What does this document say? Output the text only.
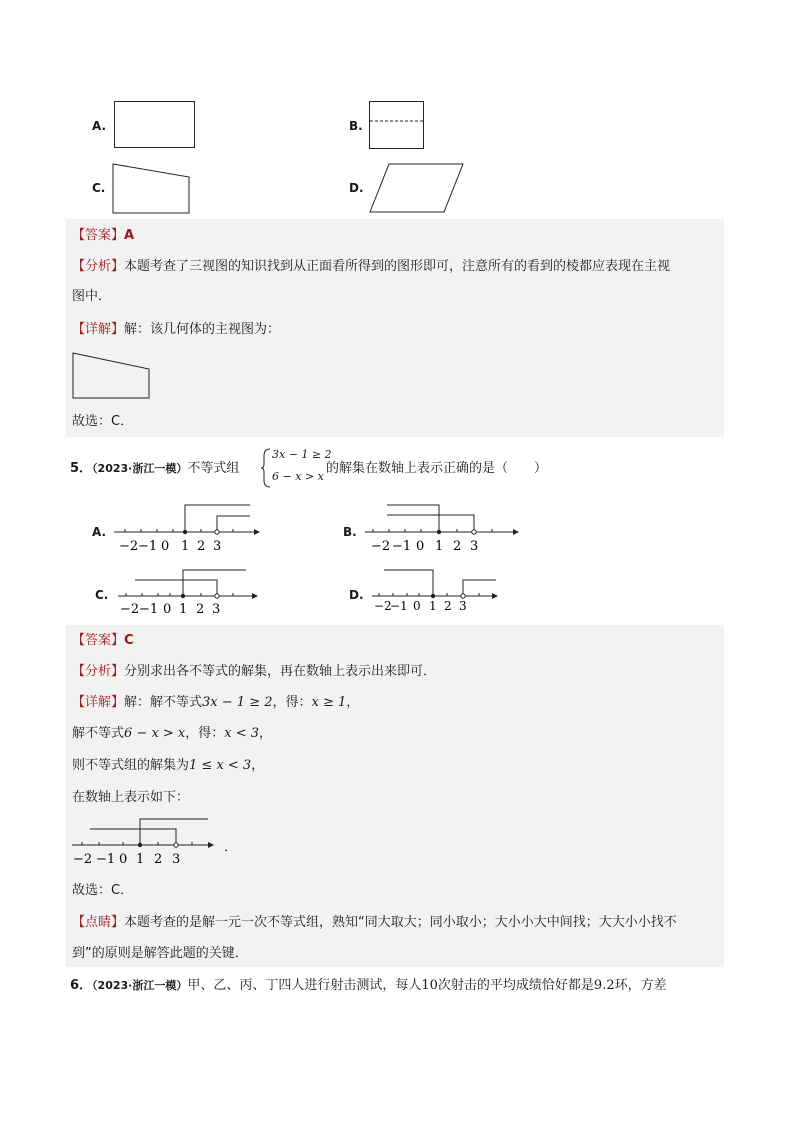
A.	B.
C.	D.
【答案】A
【分析】本题考查了三视图的知识找到从正面看所得到的图形即可，注意所有的看到的棱都应表现在主视
图中．
【详解】解：该几何体的主视图为：
故选：C．
5．（2023·浙江一模）不等式组
3x − 1 ≥ 2
6 − x > x
的解集在数轴上表示正确的是（　　）
A.
−2 −1 0 1 2 3
B.
−2 −1 0 1 2 3
C.
−2 −1 0 1 2 3
D.
−2
−1 0 1 2 3
【答案】C
【分析】分别求出各不等式的解集，再在数轴上表示出来即可．
【详解】解：解不等式3x − 1 ≥ 2，得：x ≥ 1，
解不等式6 − x > x，得：x < 3，
则不等式组的解集为1 ≤ x < 3，
在数轴上表示如下：
−2 −1 0 1 2 3
．
故选：C．
【点睛】本题考查的是解一元一次不等式组，熟知“同大取大；同小取小；大小小大中间找；大大小小找不
到”的原则是解答此题的关键．
6．（2023·浙江一模）甲、乙、丙、丁四人进行射击测试，每人10次射击的平均成绩恰好都是9.2环，方差
